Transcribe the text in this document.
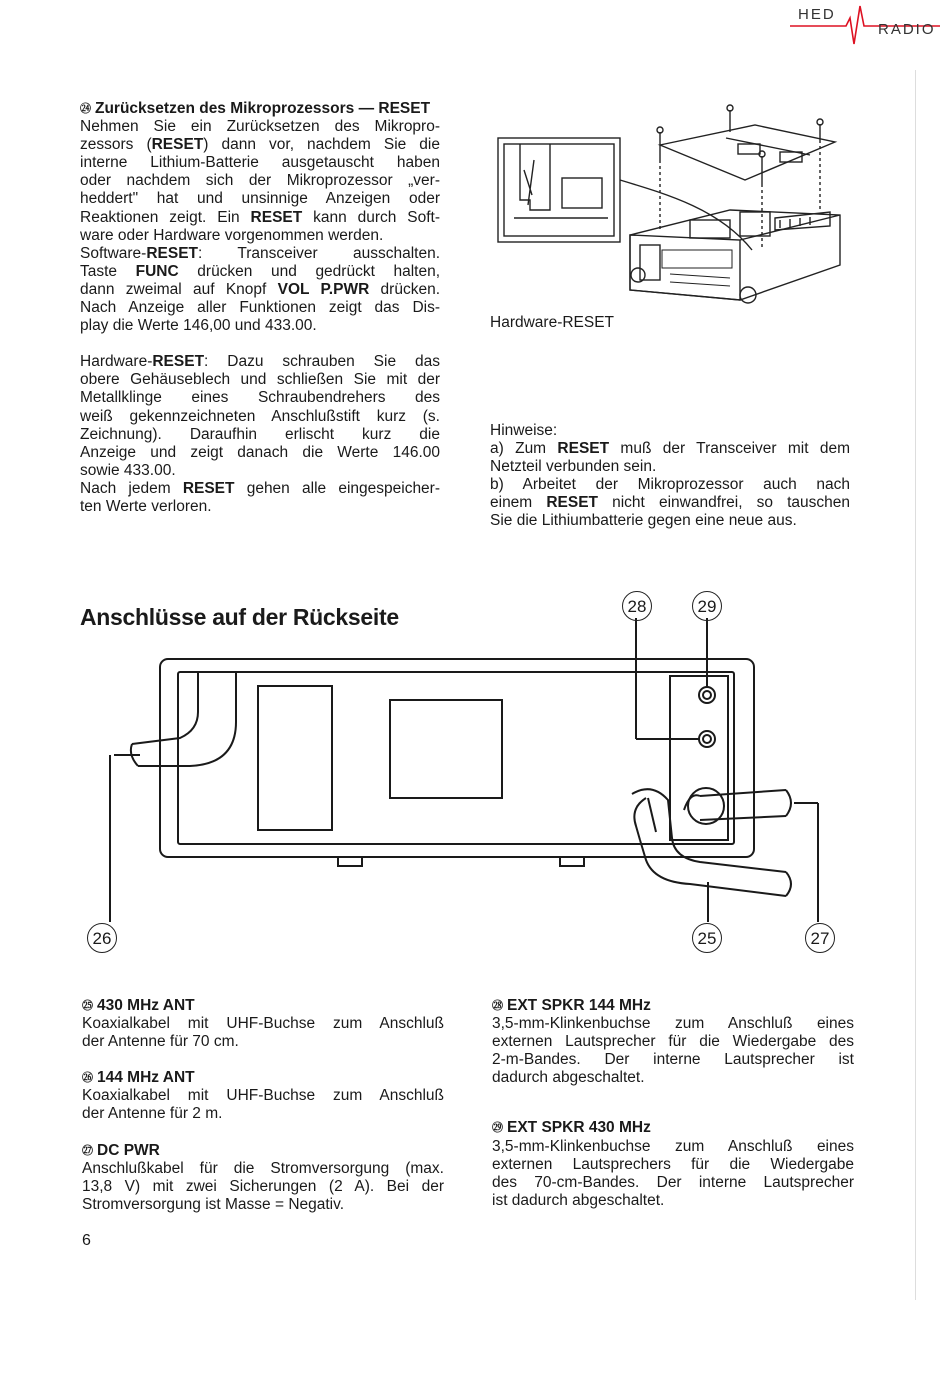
HED
RADIO

㉔ Zurücksetzen des Mikroprozessors — RESET

Nehmen Sie ein Zurücksetzen des Mikropro-

zessors (RESET) dann vor, nachdem Sie die

interne Lithium-Batterie ausgetauscht haben

oder nachdem sich der Mikroprozessor „ver-

heddert" hat und unsinnige Anzeigen oder

Reaktionen zeigt. Ein RESET kann durch Soft-

ware oder Hardware vorgenommen werden.

Software-RESET: Transceiver ausschalten.

Taste FUNC drücken und gedrückt halten,

dann zweimal auf Knopf VOL P.PWR drücken.

Nach Anzeige aller Funktionen zeigt das Dis-

play die Werte 146,00 und 433.00.

Hardware-RESET: Dazu schrauben Sie das

obere Gehäuseblech und schließen Sie mit der

Metallklinge eines Schraubendrehers des

weiß gekennzeichneten Anschlußstift kurz (s.

Zeichnung). Daraufhin erlischt kurz die

Anzeige und zeigt danach die Werte 146.00

sowie 433.00.

Nach jedem RESET gehen alle eingespeicher-

ten Werte verloren.

Hardware-RESET

Hinweise:

a) Zum RESET muß der Transceiver mit dem

Netzteil verbunden sein.

b) Arbeitet der Mikroprozessor auch nach

einem RESET nicht einwandfrei, so tauschen

Sie die Lithiumbatterie gegen eine neue aus.

Anschlüsse auf der Rückseite	28	29
26	25	27

㉕ 430 MHz ANT

Koaxialkabel mit UHF-Buchse zum Anschluß

der Antenne für 70 cm.

㉖ 144 MHz ANT

Koaxialkabel mit UHF-Buchse zum Anschluß

der Antenne für 2 m.

㉗ DC PWR

Anschlußkabel für die Stromversorgung (max.

13,8 V) mit zwei Sicherungen (2 A). Bei der

Stromversorgung ist Masse = Negativ.

㉘ EXT SPKR 144 MHz

3,5-mm-Klinkenbuchse zum Anschluß eines

externen Lautsprecher für die Wiedergabe des

2-m-Bandes. Der interne Lautsprecher ist

dadurch abgeschaltet.

㉙ EXT SPKR 430 MHz

3,5-mm-Klinkenbuchse zum Anschluß eines

externen Lautsprechers für die Wiedergabe

des 70-cm-Bandes. Der interne Lautsprecher

ist dadurch abgeschaltet.

6
